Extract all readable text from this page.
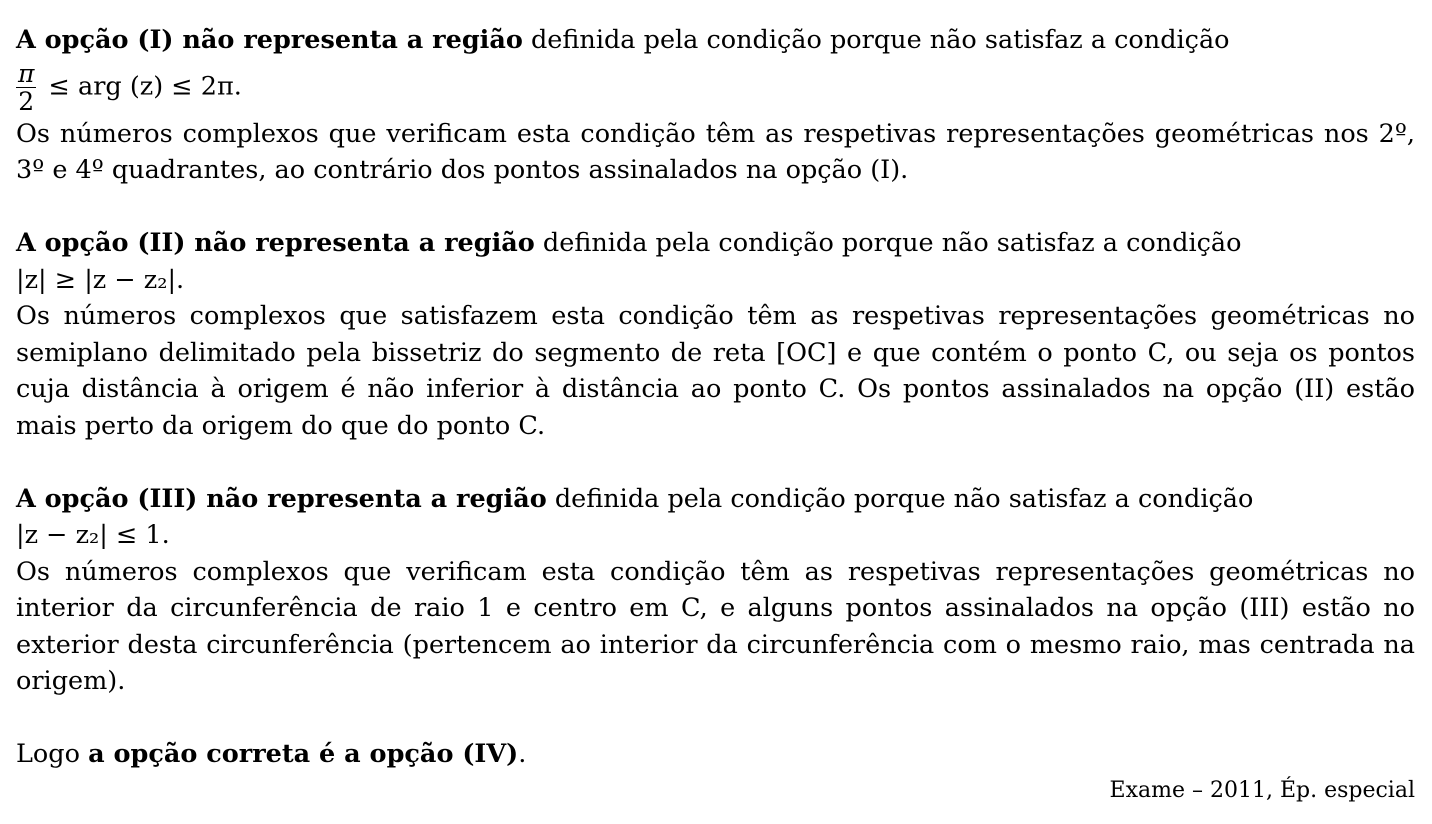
A opção (I) não representa a região definida pela condição porque não satisfaz a condição

$\frac{\pi}{2}$ ≤ arg (z) ≤ 2π.

Os números complexos que verificam esta condição têm as respetivas representações geométricas nos 2º, 3º e 4º quadrantes, ao contrário dos pontos assinalados na opção (I).

A opção (II) não representa a região definida pela condição porque não satisfaz a condição

|z| ≥ |z − z₂|.

Os números complexos que satisfazem esta condição têm as respetivas representações geométricas no semiplano delimitado pela bissetriz do segmento de reta [OC] e que contém o ponto C, ou seja os pontos cuja distância à origem é não inferior à distância ao ponto C. Os pontos assinalados na opção (II) estão mais perto da origem do que do ponto C.

A opção (III) não representa a região definida pela condição porque não satisfaz a condição

|z − z₂| ≤ 1.

Os números complexos que verificam esta condição têm as respetivas representações geométricas no interior da circunferência de raio 1 e centro em C, e alguns pontos assinalados na opção (III) estão no exterior desta circunferência (pertencem ao interior da circunferência com o mesmo raio, mas centrada na origem).

Logo a opção correta é a opção (IV).
Exame – 2011, Ép. especial
